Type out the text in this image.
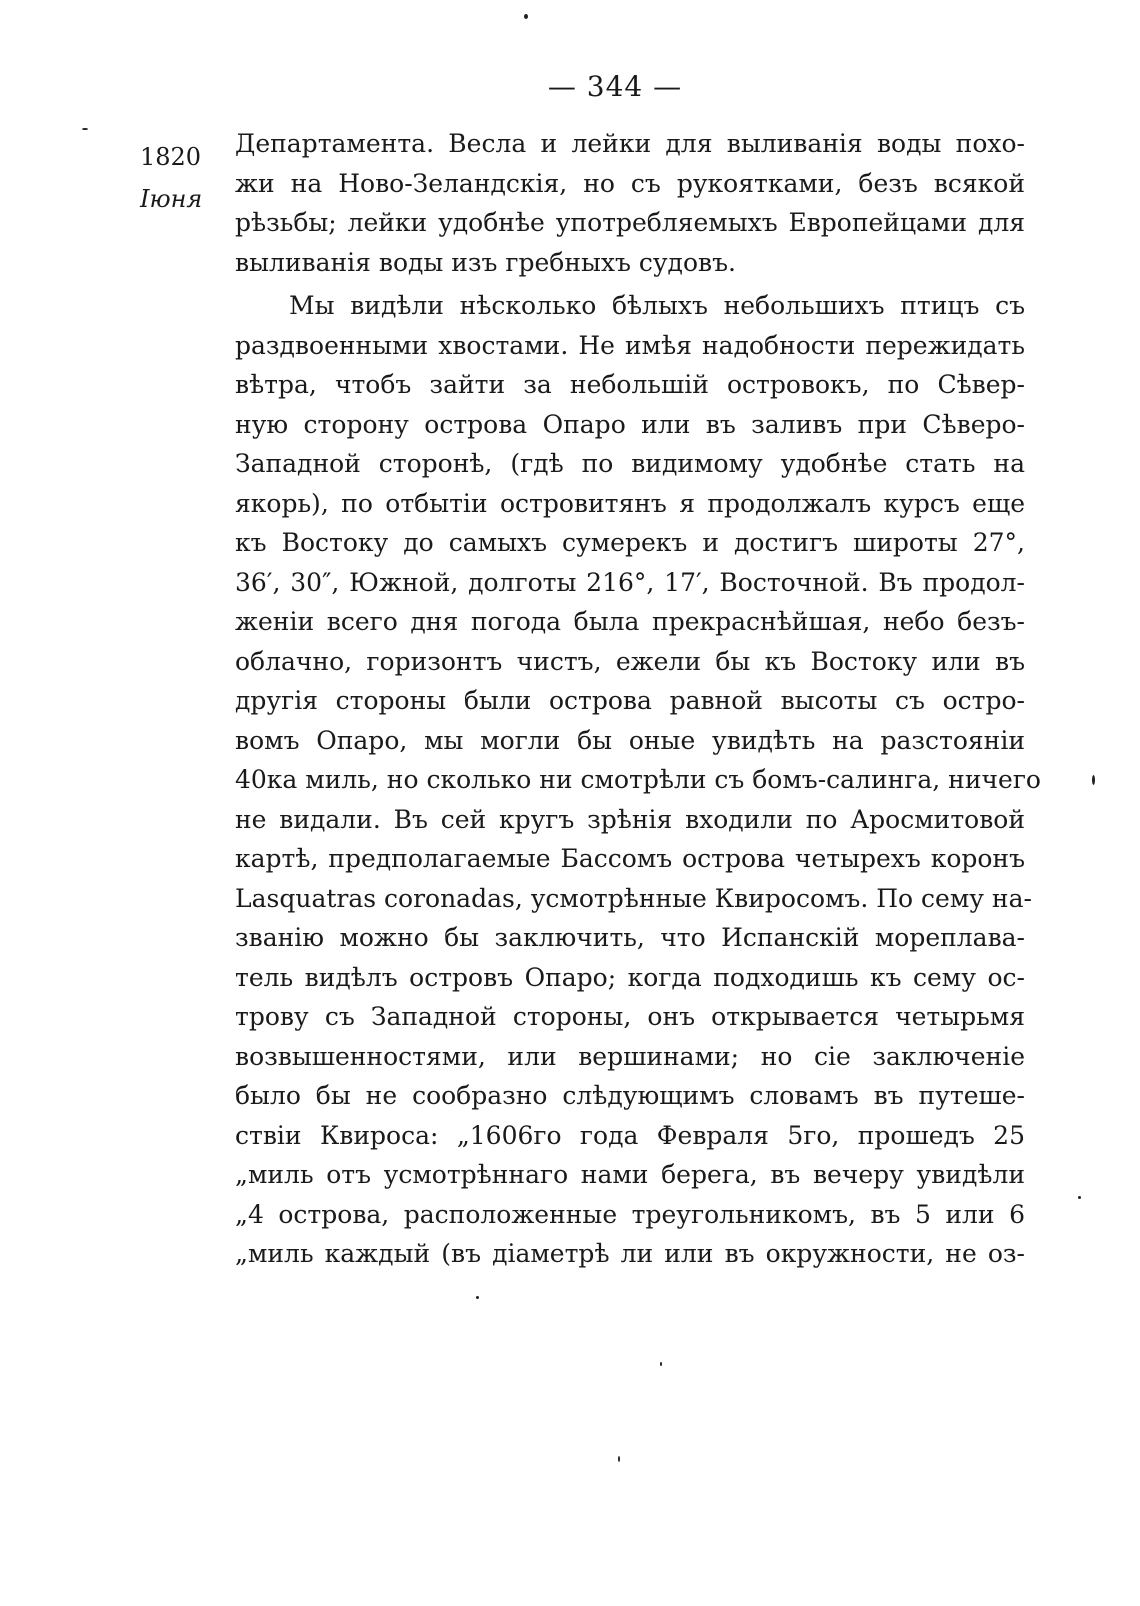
— 344 —
1820
Іюня
Департамента. Весла и лейки для выливанія воды похо-
жи на Ново-Зеландскія, но съ рукоятками, безъ всякой
рѣзьбы; лейки удобнѣе употребляемыхъ Европейцами для
выливанія воды изъ гребныхъ судовъ.
Мы видѣли нѣсколько бѣлыхъ небольшихъ птицъ съ
раздвоенными хвостами. Не имѣя надобности пережидать
вѣтра, чтобъ зайти за небольшій островокъ, по Сѣвер-
ную сторону острова Опаро или въ заливъ при Сѣверо-
Западной сторонѣ, (гдѣ по видимому удобнѣе стать на
якорь), по отбытіи островитянъ я продолжалъ курсъ еще
къ Востоку до самыхъ сумерекъ и достигъ широты 27°,
36′, 30″, Южной, долготы 216°, 17′, Восточной. Въ продол-
женіи всего дня погода была прекраснѣйшая, небо безъ-
облачно, горизонтъ чистъ, ежели бы къ Востоку или въ
другія стороны были острова равной высоты съ остро-
вомъ Опаро, мы могли бы оные увидѣть на разстояніи
40ка миль, но сколько ни смотрѣли съ бомъ-салинга, ничего
не видали. Въ сей кругъ зрѣнія входили по Аросмитовой
картѣ, предполагаемые Бассомъ острова четырехъ коронъ
Lasquatras coronadas, усмотрѣнные Квиросомъ. По сему на-
званію можно бы заключить, что Испанскій мореплава-
тель видѣлъ островъ Опаро; когда подходишь къ сему ос-
трову съ Западной стороны, онъ открывается четырьмя
возвышенностями, или вершинами; но сіе заключеніе
было бы не сообразно слѣдующимъ словамъ въ путеше-
ствіи Квироса: „1606го года Февраля 5го, прошедъ 25
„миль отъ усмотрѣннаго нами берега, въ вечеру увидѣли
„4 острова, расположенные треугольникомъ, въ 5 или 6
„миль каждый (въ діаметрѣ ли или въ окружности, не оз-
